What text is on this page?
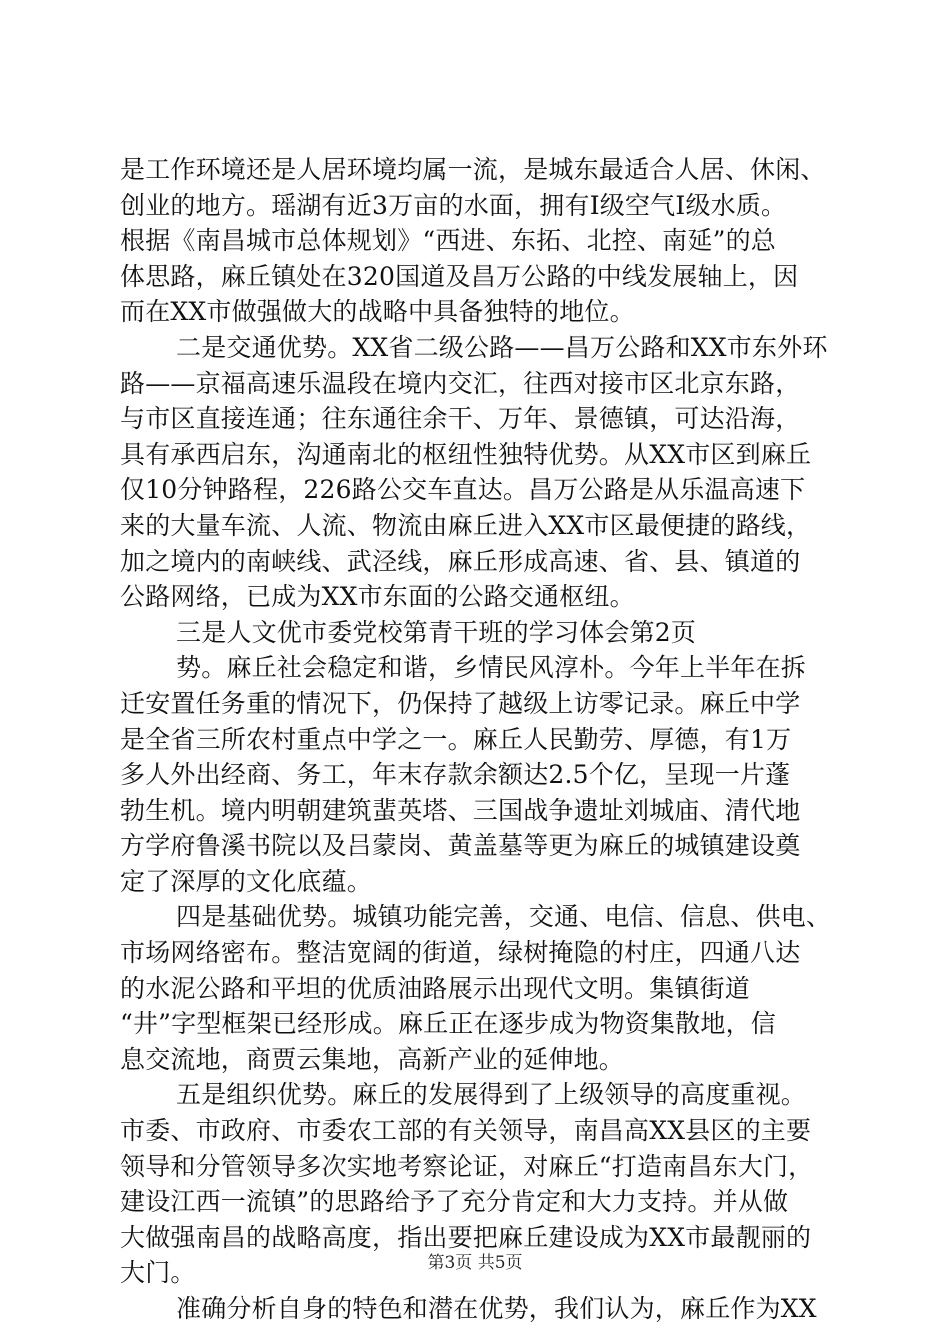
是工作环境还是人居环境均属一流，是城东最适合人居、休闲、
创业的地方。瑶湖有近3万亩的水面，拥有Ⅰ级空气Ⅰ级水质。
根据《南昌城市总体规划》“西进、东拓、北控、南延”的总
体思路，麻丘镇处在320国道及昌万公路的中线发展轴上，因
而在XX市做强做大的战略中具备独特的地位。
二是交通优势。XX省二级公路——昌万公路和XX市东外环
路——京福高速乐温段在境内交汇，往西对接市区北京东路，
与市区直接连通；往东通往余干、万年、景德镇，可达沿海，
具有承西启东，沟通南北的枢纽性独特优势。从XX市区到麻丘
仅10分钟路程，226路公交车直达。昌万公路是从乐温高速下
来的大量车流、人流、物流由麻丘进入XX市区最便捷的路线，
加之境内的南峡线、武泾线，麻丘形成高速、省、县、镇道的
公路网络，已成为XX市东面的公路交通枢纽。
三是人文优市委党校第青干班的学习体会第2页
势。麻丘社会稳定和谐，乡情民风淳朴。今年上半年在拆
迁安置任务重的情况下，仍保持了越级上访零记录。麻丘中学
是全省三所农村重点中学之一。麻丘人民勤劳、厚德，有1万
多人外出经商、务工，年末存款余额达2.5个亿，呈现一片蓬
勃生机。境内明朝建筑蜚英塔、三国战争遗址刘城庙、清代地
方学府鲁溪书院以及吕蒙岗、黄盖墓等更为麻丘的城镇建设奠
定了深厚的文化底蕴。
四是基础优势。城镇功能完善，交通、电信、信息、供电、
市场网络密布。整洁宽阔的街道，绿树掩隐的村庄，四通八达
的水泥公路和平坦的优质油路展示出现代文明。集镇街道
“井”字型框架已经形成。麻丘正在逐步成为物资集散地，信
息交流地，商贾云集地，高新产业的延伸地。
五是组织优势。麻丘的发展得到了上级领导的高度重视。
市委、市政府、市委农工部的有关领导，南昌高XX县区的主要
领导和分管领导多次实地考察论证，对麻丘“打造南昌东大门，
建设江西一流镇”的思路给予了充分肯定和大力支持。并从做
大做强南昌的战略高度，指出要把麻丘建设成为XX市最靓丽的
大门。
准确分析自身的特色和潜在优势，我们认为，麻丘作为XX
第3页 共5页
